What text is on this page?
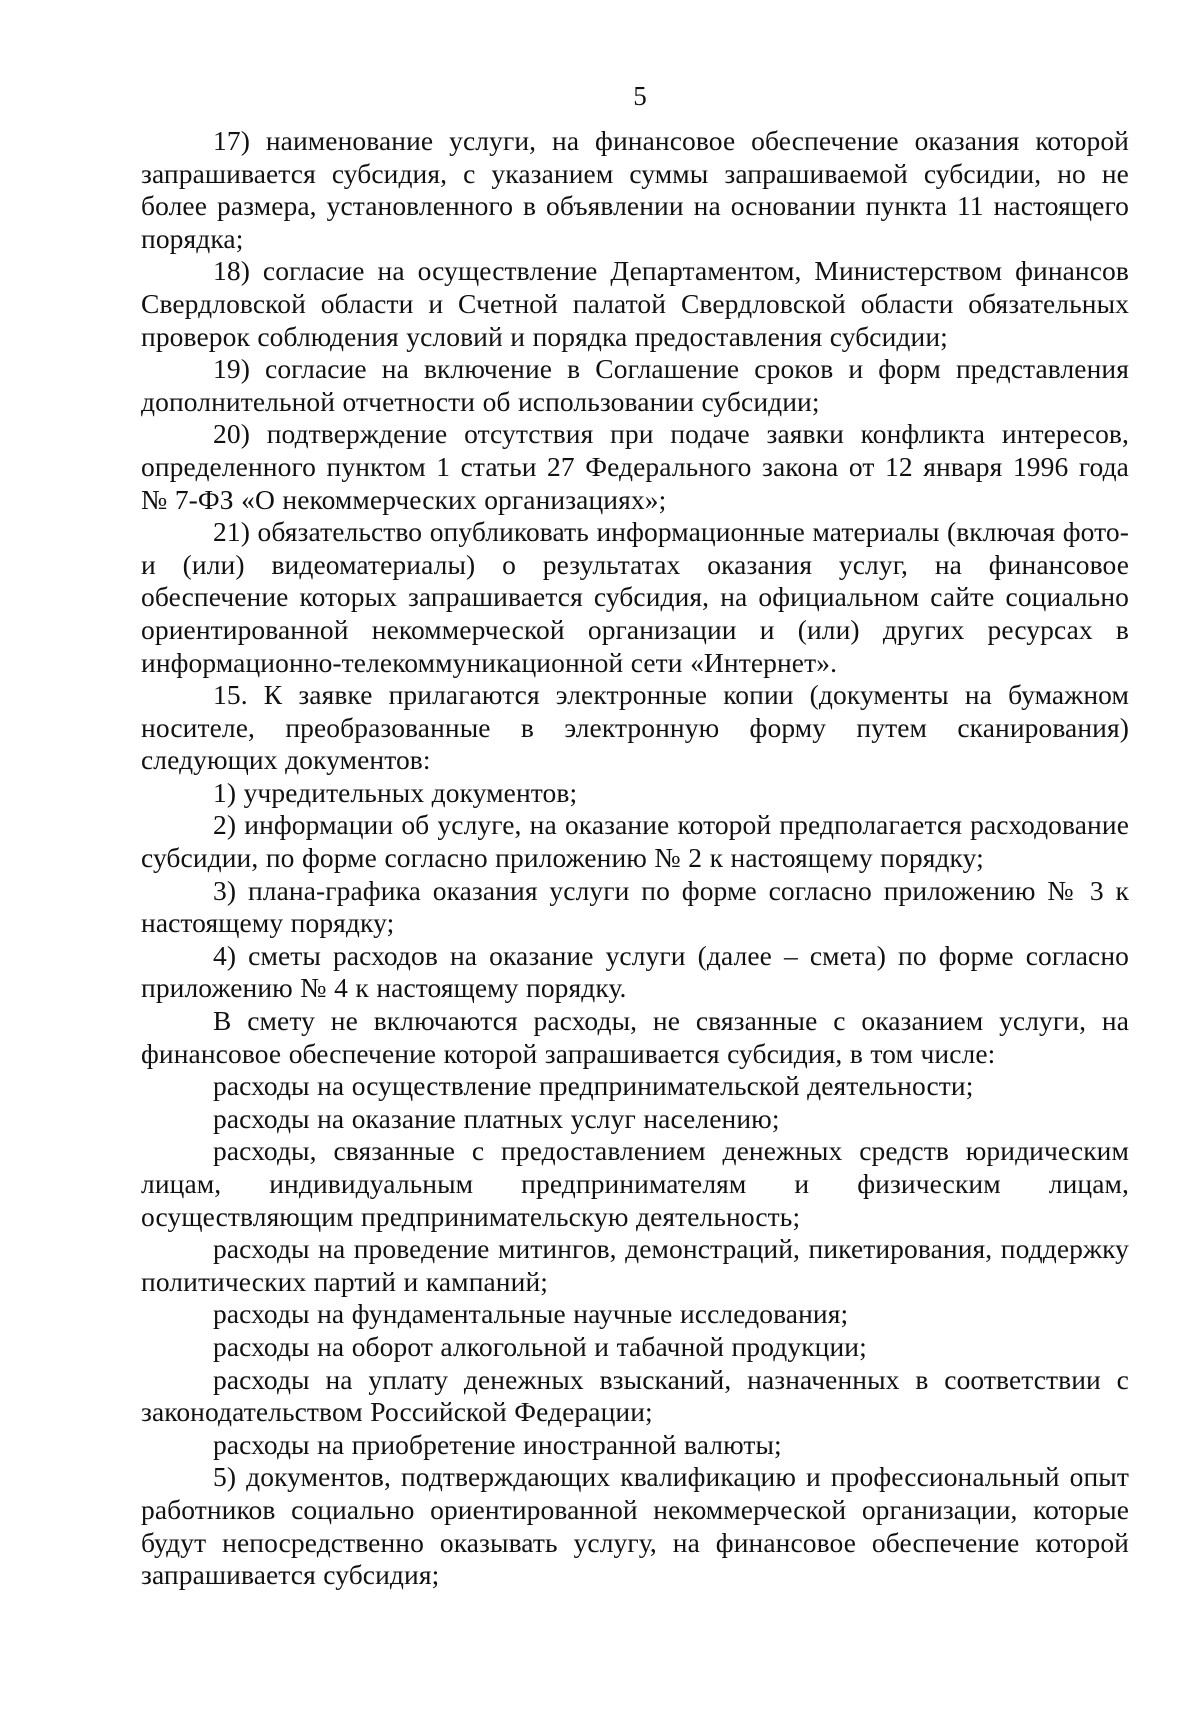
5

17) наименование услуги, на финансовое обеспечение оказания которой запрашивается субсидия, с указанием суммы запрашиваемой субсидии, но не более размера, установленного в объявлении на основании пункта 11 настоящего порядка;

18) согласие на осуществление Департаментом, Министерством финансов Свердловской области и Счетной палатой Свердловской области обязательных проверок соблюдения условий и порядка предоставления субсидии;

19) согласие на включение в Соглашение сроков и форм представления дополнительной отчетности об использовании субсидии;

20) подтверждение отсутствия при подаче заявки конфликта интересов, определенного пунктом 1 статьи 27 Федерального закона от 12 января 1996 года № 7-ФЗ «О некоммерческих организациях»;

21) обязательство опубликовать информационные материалы (включая фото- и (или) видеоматериалы) о результатах оказания услуг, на финансовое обеспечение которых запрашивается субсидия, на официальном сайте социально ориентированной некоммерческой организации и (или) других ресурсах в информационно-телекоммуникационной сети «Интернет».

15. К заявке прилагаются электронные копии (документы на бумажном носителе, преобразованные в электронную форму путем сканирования) следующих документов:

1) учредительных документов;

2) информации об услуге, на оказание которой предполагается расходование субсидии, по форме согласно приложению № 2 к настоящему порядку;

3) плана-графика оказания услуги по форме согласно приложению № 3 к настоящему порядку;

4) сметы расходов на оказание услуги (далее – смета) по форме согласно приложению № 4 к настоящему порядку.

В смету не включаются расходы, не связанные с оказанием услуги, на финансовое обеспечение которой запрашивается субсидия, в том числе:

расходы на осуществление предпринимательской деятельности;

расходы на оказание платных услуг населению;

расходы, связанные с предоставлением денежных средств юридическим лицам, индивидуальным предпринимателям и физическим лицам, осуществляющим предпринимательскую деятельность;

расходы на проведение митингов, демонстраций, пикетирования, поддержку политических партий и кампаний;

расходы на фундаментальные научные исследования;

расходы на оборот алкогольной и табачной продукции;

расходы на уплату денежных взысканий, назначенных в соответствии с законодательством Российской Федерации;

расходы на приобретение иностранной валюты;

5) документов, подтверждающих квалификацию и профессиональный опыт работников социально ориентированной некоммерческой организации, которые будут непосредственно оказывать услугу, на финансовое обеспечение которой запрашивается субсидия;
